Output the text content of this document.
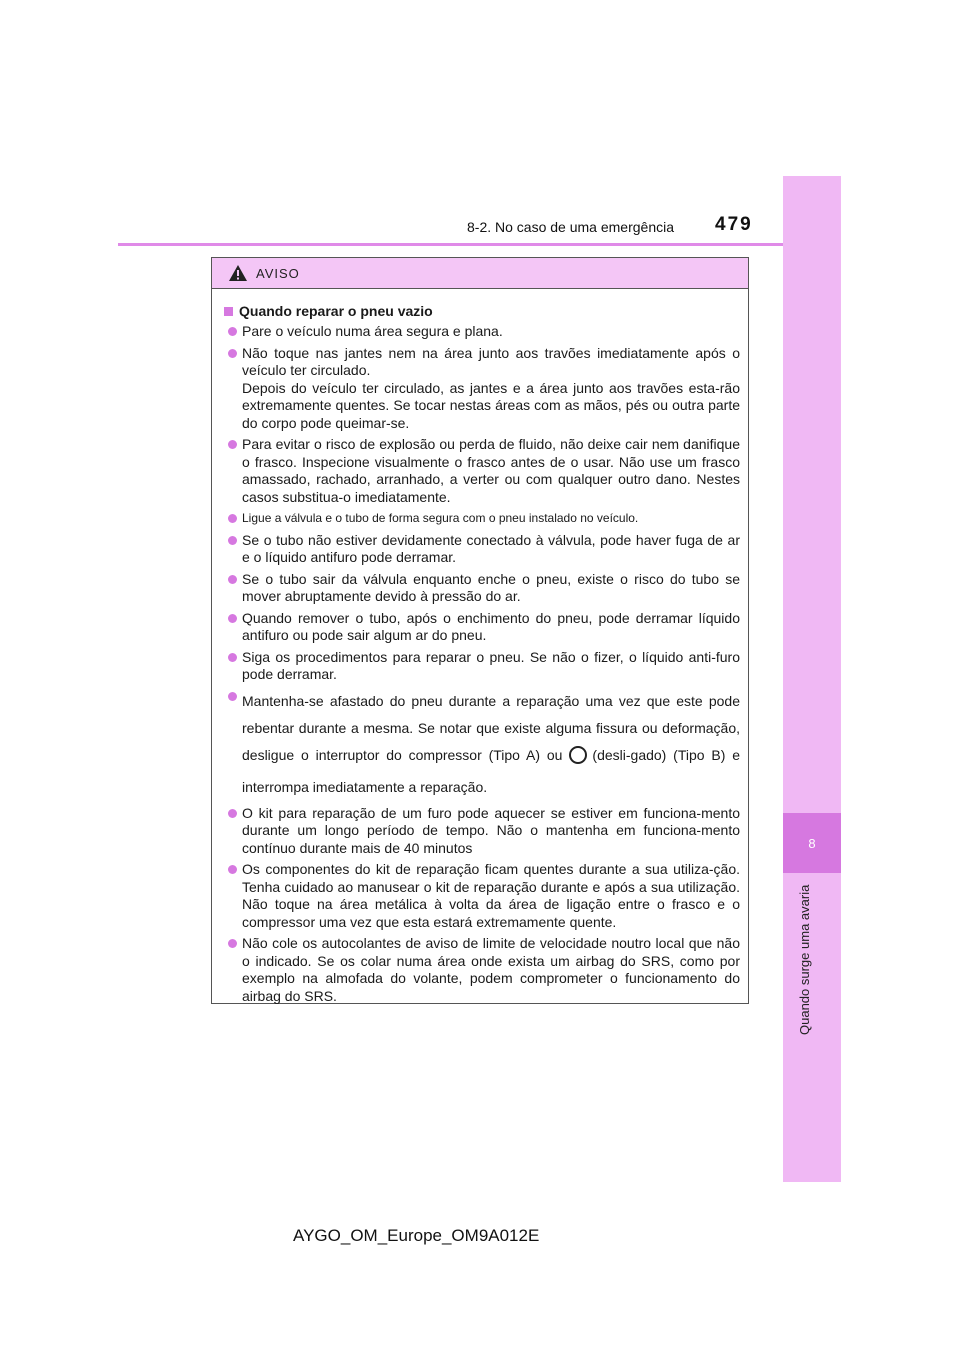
8
Quando surge uma avaria
8-2. No caso de uma emergência 479
AVISO
Quando reparar o pneu vazio

Pare o veículo numa área segura e plana.

Não toque nas jantes nem na área junto aos travões imediatamente após o veículo ter circulado.

Depois do veículo ter circulado, as jantes e a área junto aos travões esta-rão extremamente quentes. Se tocar nestas áreas com as mãos, pés ou outra parte do corpo pode queimar-se.

Para evitar o risco de explosão ou perda de fluido, não deixe cair nem danifique o frasco. Inspecione visualmente o frasco antes de o usar. Não use um frasco amassado, rachado, arranhado, a verter ou com qualquer outro dano. Nestes casos substitua-o imediatamente.

Ligue a válvula e o tubo de forma segura com o pneu instalado no veículo.

Se o tubo não estiver devidamente conectado à válvula, pode haver fuga de ar e o líquido antifuro pode derramar.

Se o tubo sair da válvula enquanto enche o pneu, existe o risco do tubo se mover abruptamente devido à pressão do ar.

Quando remover o tubo, após o enchimento do pneu, pode derramar líquido antifuro ou pode sair algum ar do pneu.

Siga os procedimentos para reparar o pneu. Se não o fizer, o líquido anti-furo pode derramar.

Mantenha-se afastado do pneu durante a reparação uma vez que este pode rebentar durante a mesma. Se notar que existe alguma fissura ou deformação, desligue o interruptor do compressor (Tipo A) ou (desli-gado) (Tipo B) e interrompa imediatamente a reparação.

O kit para reparação de um furo pode aquecer se estiver em funciona-mento durante um longo período de tempo. Não o mantenha em funciona-mento contínuo durante mais de 40 minutos

Os componentes do kit de reparação ficam quentes durante a sua utiliza-ção. Tenha cuidado ao manusear o kit de reparação durante e após a sua utilização. Não toque na área metálica à volta da área de ligação entre o frasco e o compressor uma vez que esta estará extremamente quente.

Não cole os autocolantes de aviso de limite de velocidade noutro local que não o indicado. Se os colar numa área onde exista um airbag do SRS, como por exemplo na almofada do volante, podem comprometer o funcionamento do airbag do SRS.

AYGO_OM_Europe_OM9A012E
